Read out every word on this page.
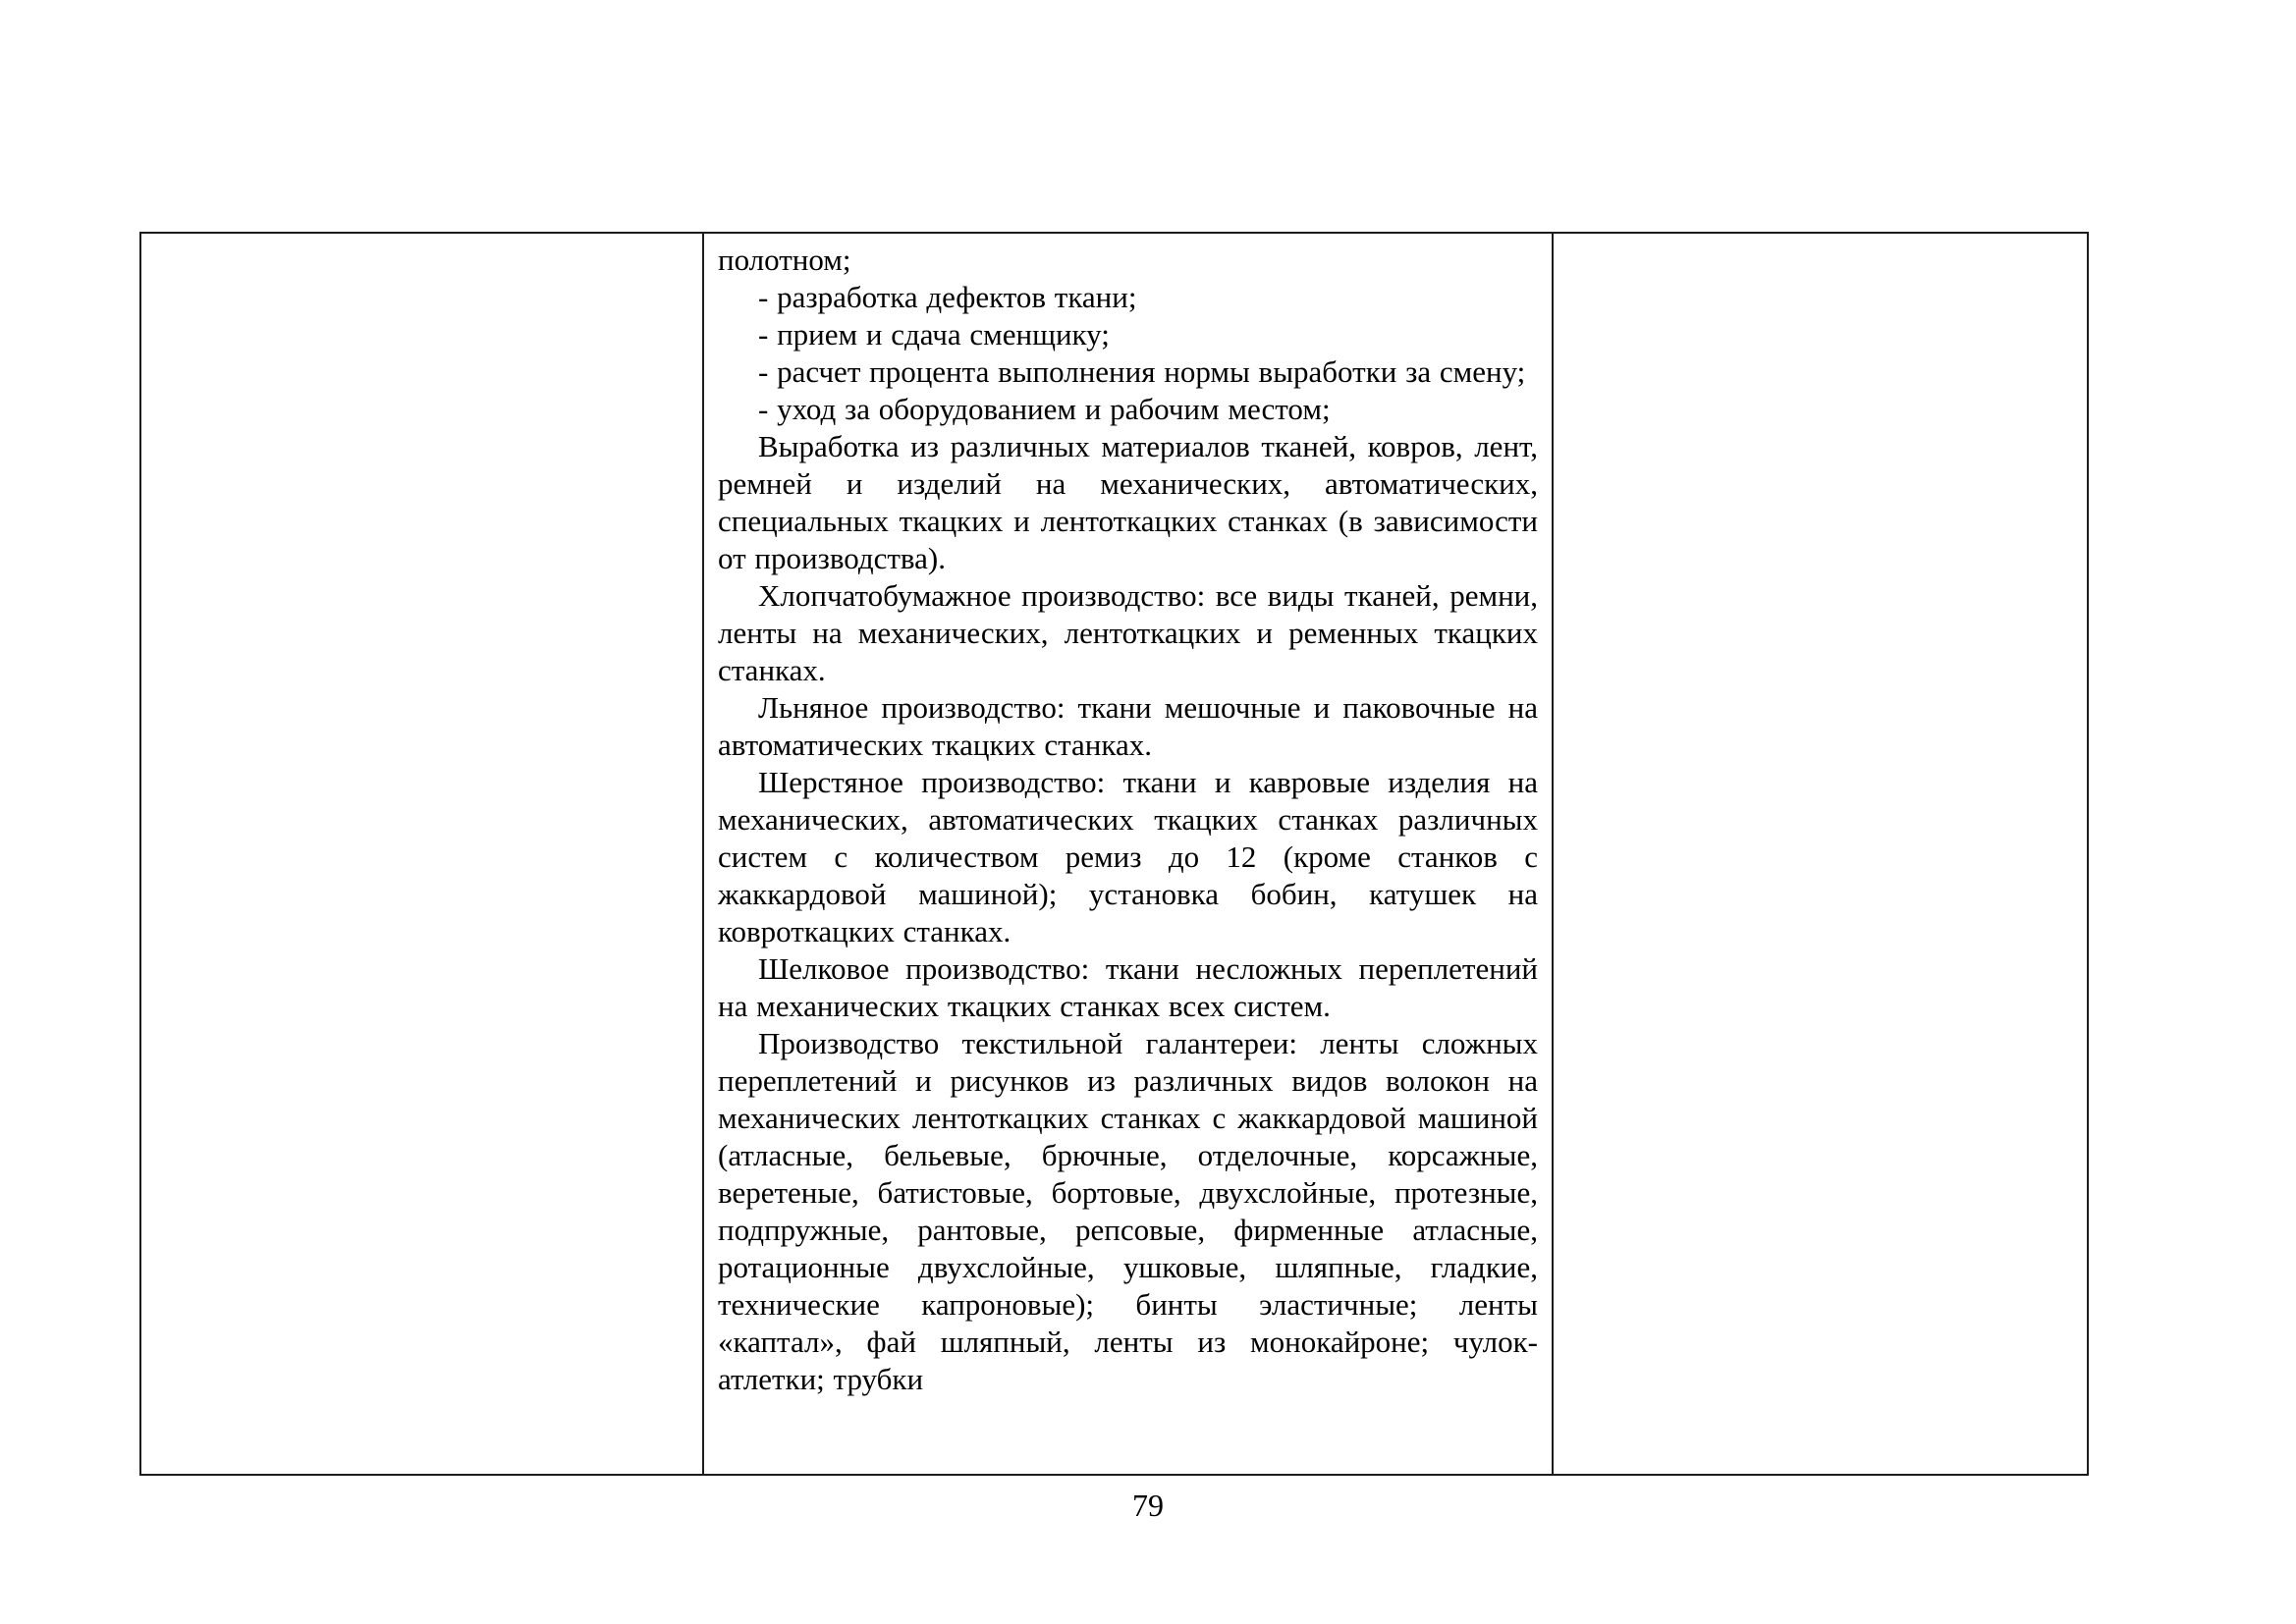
полотном;

- разработка дефектов ткани;

- прием и сдача сменщику;

- расчет процента выполнения нормы выработки за смену;

- уход за оборудованием и рабочим местом;

Выработка из различных материалов тканей, ковров, лент, ремней и изделий на механических, автоматических, специальных ткацких и лентоткацких станках (в зависимости от производства).

Хлопчатобумажное производство: все виды тканей, ремни, ленты на механических, лентоткацких и ременных ткацких станках.

Льняное производство: ткани мешочные и паковочные на автоматических ткацких станках.

Шерстяное производство: ткани и кавровые изделия на механических, автоматических ткацких станках различных систем с количеством ремиз до 12 (кроме станков с жаккардовой машиной); установка бобин, катушек на ковроткацких станках.

Шелковое производство: ткани несложных переплетений на механических ткацких станках всех систем.

Производство текстильной галантереи: ленты сложных переплетений и рисунков из различных видов волокон на механических лентоткацких станках с жаккардовой машиной (атласные, бельевые, брючные, отделочные, корсажные, веретеные, батистовые, бортовые, двухслойные, протезные, подпружные, рантовые, репсовые, фирменные атласные, ротационные двухслойные, ушковые, шляпные, гладкие, технические капроновые); бинты эластичные; ленты «каптал», фай шляпный, ленты из монокайроне; чулок-атлетки; трубки

79
